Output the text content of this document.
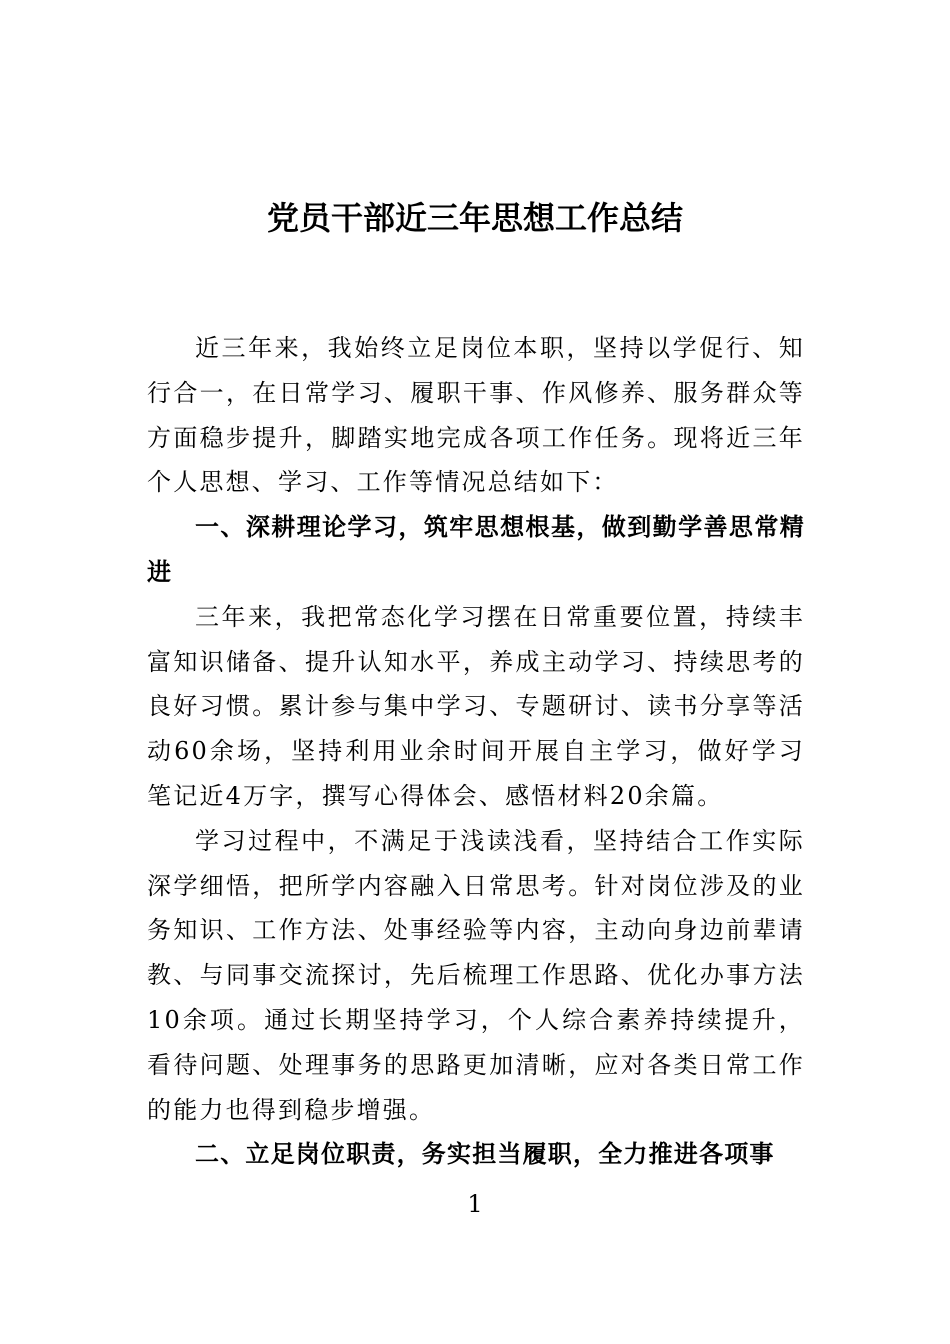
党员干部近三年思想工作总结

近三年来，我始终立足岗位本职，坚持以学促行、知行合一，在日常学习、履职干事、作风修养、服务群众等方面稳步提升，脚踏实地完成各项工作任务。现将近三年个人思想、学习、工作等情况总结如下：

一、深耕理论学习，筑牢思想根基，做到勤学善思常精进

三年来，我把常态化学习摆在日常重要位置，持续丰富知识储备、提升认知水平，养成主动学习、持续思考的良好习惯。累计参与集中学习、专题研讨、读书分享等活动60余场，坚持利用业余时间开展自主学习，做好学习笔记近4万字，撰写心得体会、感悟材料20余篇。

学习过程中，不满足于浅读浅看，坚持结合工作实际深学细悟，把所学内容融入日常思考。针对岗位涉及的业务知识、工作方法、处事经验等内容，主动向身边前辈请教、与同事交流探讨，先后梳理工作思路、优化办事方法10余项。通过长期坚持学习，个人综合素养持续提升，看待问题、处理事务的思路更加清晰，应对各类日常工作的能力也得到稳步增强。

二、立足岗位职责，务实担当履职，全力推进各项事

1
